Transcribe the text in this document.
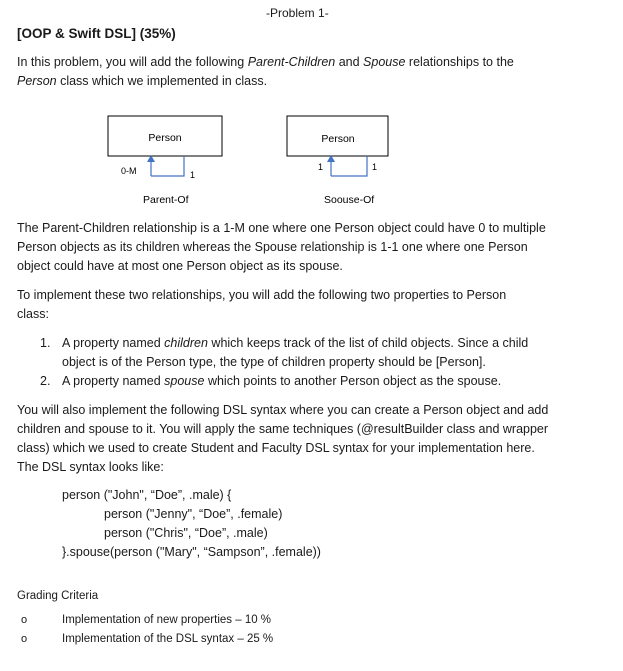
-Problem 1-
[OOP & Swift DSL] (35%)
In this problem, you will add the following Parent-Children and Spouse relationships to the
Person class which we implemented in class.
Person
0-M	1
Parent-Of
Person
1	1
Soouse-Of
The Parent-Children relationship is a 1-M one where one Person object could have 0 to multiple
Person objects as its children whereas the Spouse relationship is 1-1 one where one Person
object could have at most one Person object as its spouse.
To implement these two relationships, you will add the following two properties to Person
class:
1. A property named children which keeps track of the list of child objects. Since a child
object is of the Person type, the type of children property should be [Person].
2. A property named spouse which points to another Person object as the spouse.
You will also implement the following DSL syntax where you can create a Person object and add
children and spouse to it. You will apply the same techniques (@resultBuilder class and wrapper
class) which we used to create Student and Faculty DSL syntax for your implementation here.
The DSL syntax looks like:
person ("John", “Doe”, .male) {
person ("Jenny", “Doe”, .female)
person ("Chris", “Doe”, .male)
}.spouse(person ("Mary", “Sampson”, .female))
Grading Criteria
o	Implementation of new properties – 10 %
o	Implementation of the DSL syntax – 25 %
